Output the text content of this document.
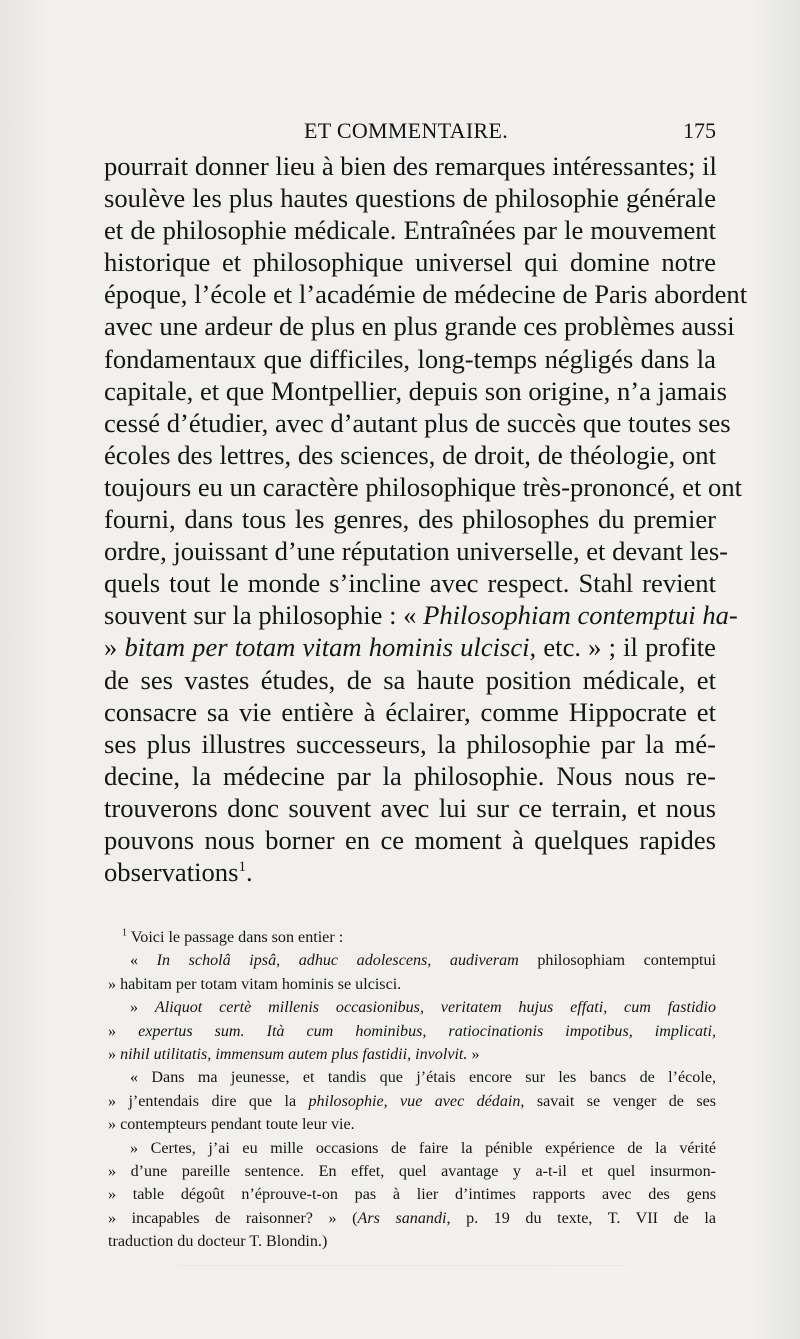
ET COMMENTAIRE.	175
pourrait donner lieu à bien des remarques intéressantes; il
soulève les plus hautes questions de philosophie générale
et de philosophie médicale. Entraînées par le mouvement
historique et philosophique universel qui domine notre
époque, l’école et l’académie de médecine de Paris abordent
avec une ardeur de plus en plus grande ces problèmes aussi
fondamentaux que difficiles, long-temps négligés dans la
capitale, et que Montpellier, depuis son origine, n’a jamais
cessé d’étudier, avec d’autant plus de succès que toutes ses
écoles des lettres, des sciences, de droit, de théologie, ont
toujours eu un caractère philosophique très-prononcé, et ont
fourni, dans tous les genres, des philosophes du premier
ordre, jouissant d’une réputation universelle, et devant les-
quels tout le monde s’incline avec respect. Stahl revient
souvent sur la philosophie : « Philosophiam contemptui ha-
» bitam per totam vitam hominis ulcisci, etc. » ; il profite
de ses vastes études, de sa haute position médicale, et
consacre sa vie entière à éclairer, comme Hippocrate et
ses plus illustres successeurs, la philosophie par la mé-
decine, la médecine par la philosophie. Nous nous re-
trouverons donc souvent avec lui sur ce terrain, et nous
pouvons nous borner en ce moment à quelques rapides
observations$^1$.
$^1$ Voici le passage dans son entier :
« In scholâ ipsâ, adhuc adolescens, audiveram philosophiam contemptui
» habitam per totam vitam hominis se ulcisci.
» Aliquot certè millenis occasionibus, veritatem hujus effati, cum fastidio
» expertus sum. Ità cum hominibus, ratiocinationis impotibus, implicati,
» nihil utilitatis, immensum autem plus fastidii, involvit. »
« Dans ma jeunesse, et tandis que j’étais encore sur les bancs de l’école,
» j’entendais dire que la philosophie, vue avec dédain, savait se venger de ses
» contempteurs pendant toute leur vie.
» Certes, j’ai eu mille occasions de faire la pénible expérience de la vérité
» d’une pareille sentence. En effet, quel avantage y a-t-il et quel insurmon-
» table dégoût n’éprouve-t-on pas à lier d’intimes rapports avec des gens
» incapables de raisonner? » (Ars sanandi, p. 19 du texte, T. VII de la
traduction du docteur T. Blondin.)
